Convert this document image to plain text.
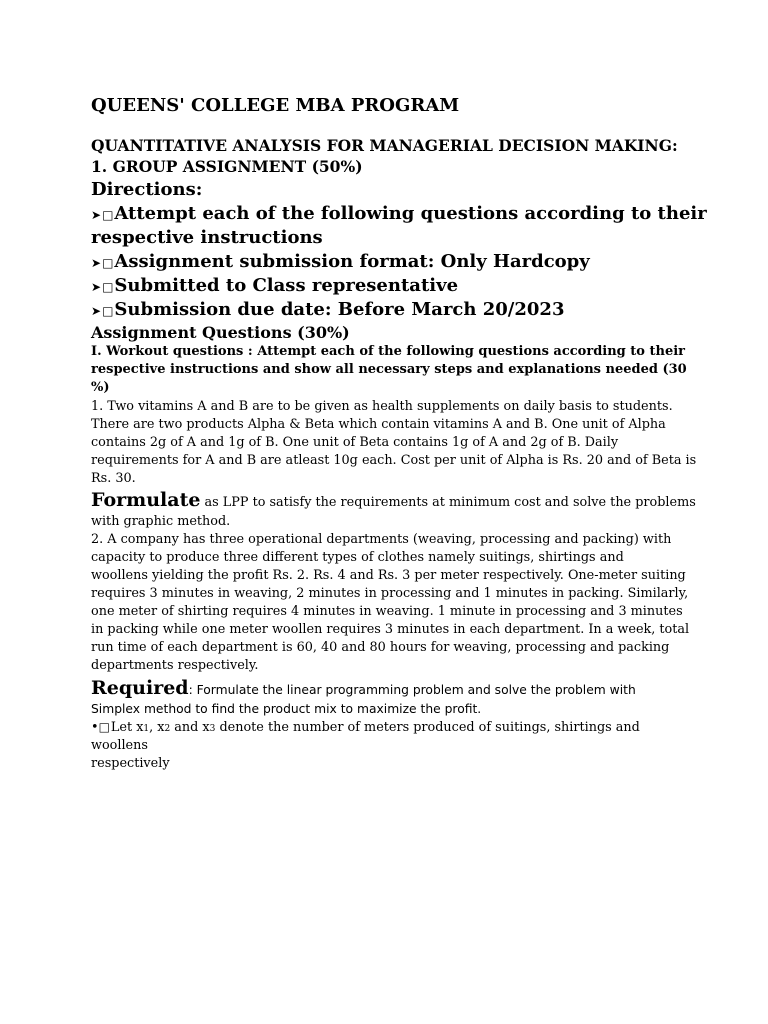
QUEENS' COLLEGE MBA PROGRAM
QUANTITATIVE ANALYSIS FOR MANAGERIAL DECISION MAKING:
1. GROUP ASSIGNMENT (50%)
Directions:
➤□Attempt each of the following questions according to their
respective instructions
➤□Assignment submission format: Only Hardcopy
➤□Submitted to Class representative
➤□Submission due date: Before March 20/2023
Assignment Questions (30%)
I. Workout questions : Attempt each of the following questions according to their
respective instructions and show all necessary steps and explanations needed (30
%)
1. Two vitamins A and B are to be given as health supplements on daily basis to students.
There are two products Alpha & Beta which contain vitamins A and B. One unit of Alpha
contains 2g of A and 1g of B. One unit of Beta contains 1g of A and 2g of B. Daily
requirements for A and B are atleast 10g each. Cost per unit of Alpha is Rs. 20 and of Beta is
Rs. 30.
Formulate as LPP to satisfy the requirements at minimum cost and solve the problems
with graphic method.
2. A company has three operational departments (weaving, processing and packing) with
capacity to produce three different types of clothes namely suitings, shirtings and
woollens yielding the profit Rs. 2. Rs. 4 and Rs. 3 per meter respectively. One-meter suiting
requires 3 minutes in weaving, 2 minutes in processing and 1 minutes in packing. Similarly,
one meter of shirting requires 4 minutes in weaving. 1 minute in processing and 3 minutes
in packing while one meter woollen requires 3 minutes in each department. In a week, total
run time of each department is 60, 40 and 80 hours for weaving, processing and packing
departments respectively.
Required: Formulate the linear programming problem and solve the problem with
Simplex method to find the product mix to maximize the profit.
•□Let x1, x2 and x3 denote the number of meters produced of suitings, shirtings and
woollens
respectively
